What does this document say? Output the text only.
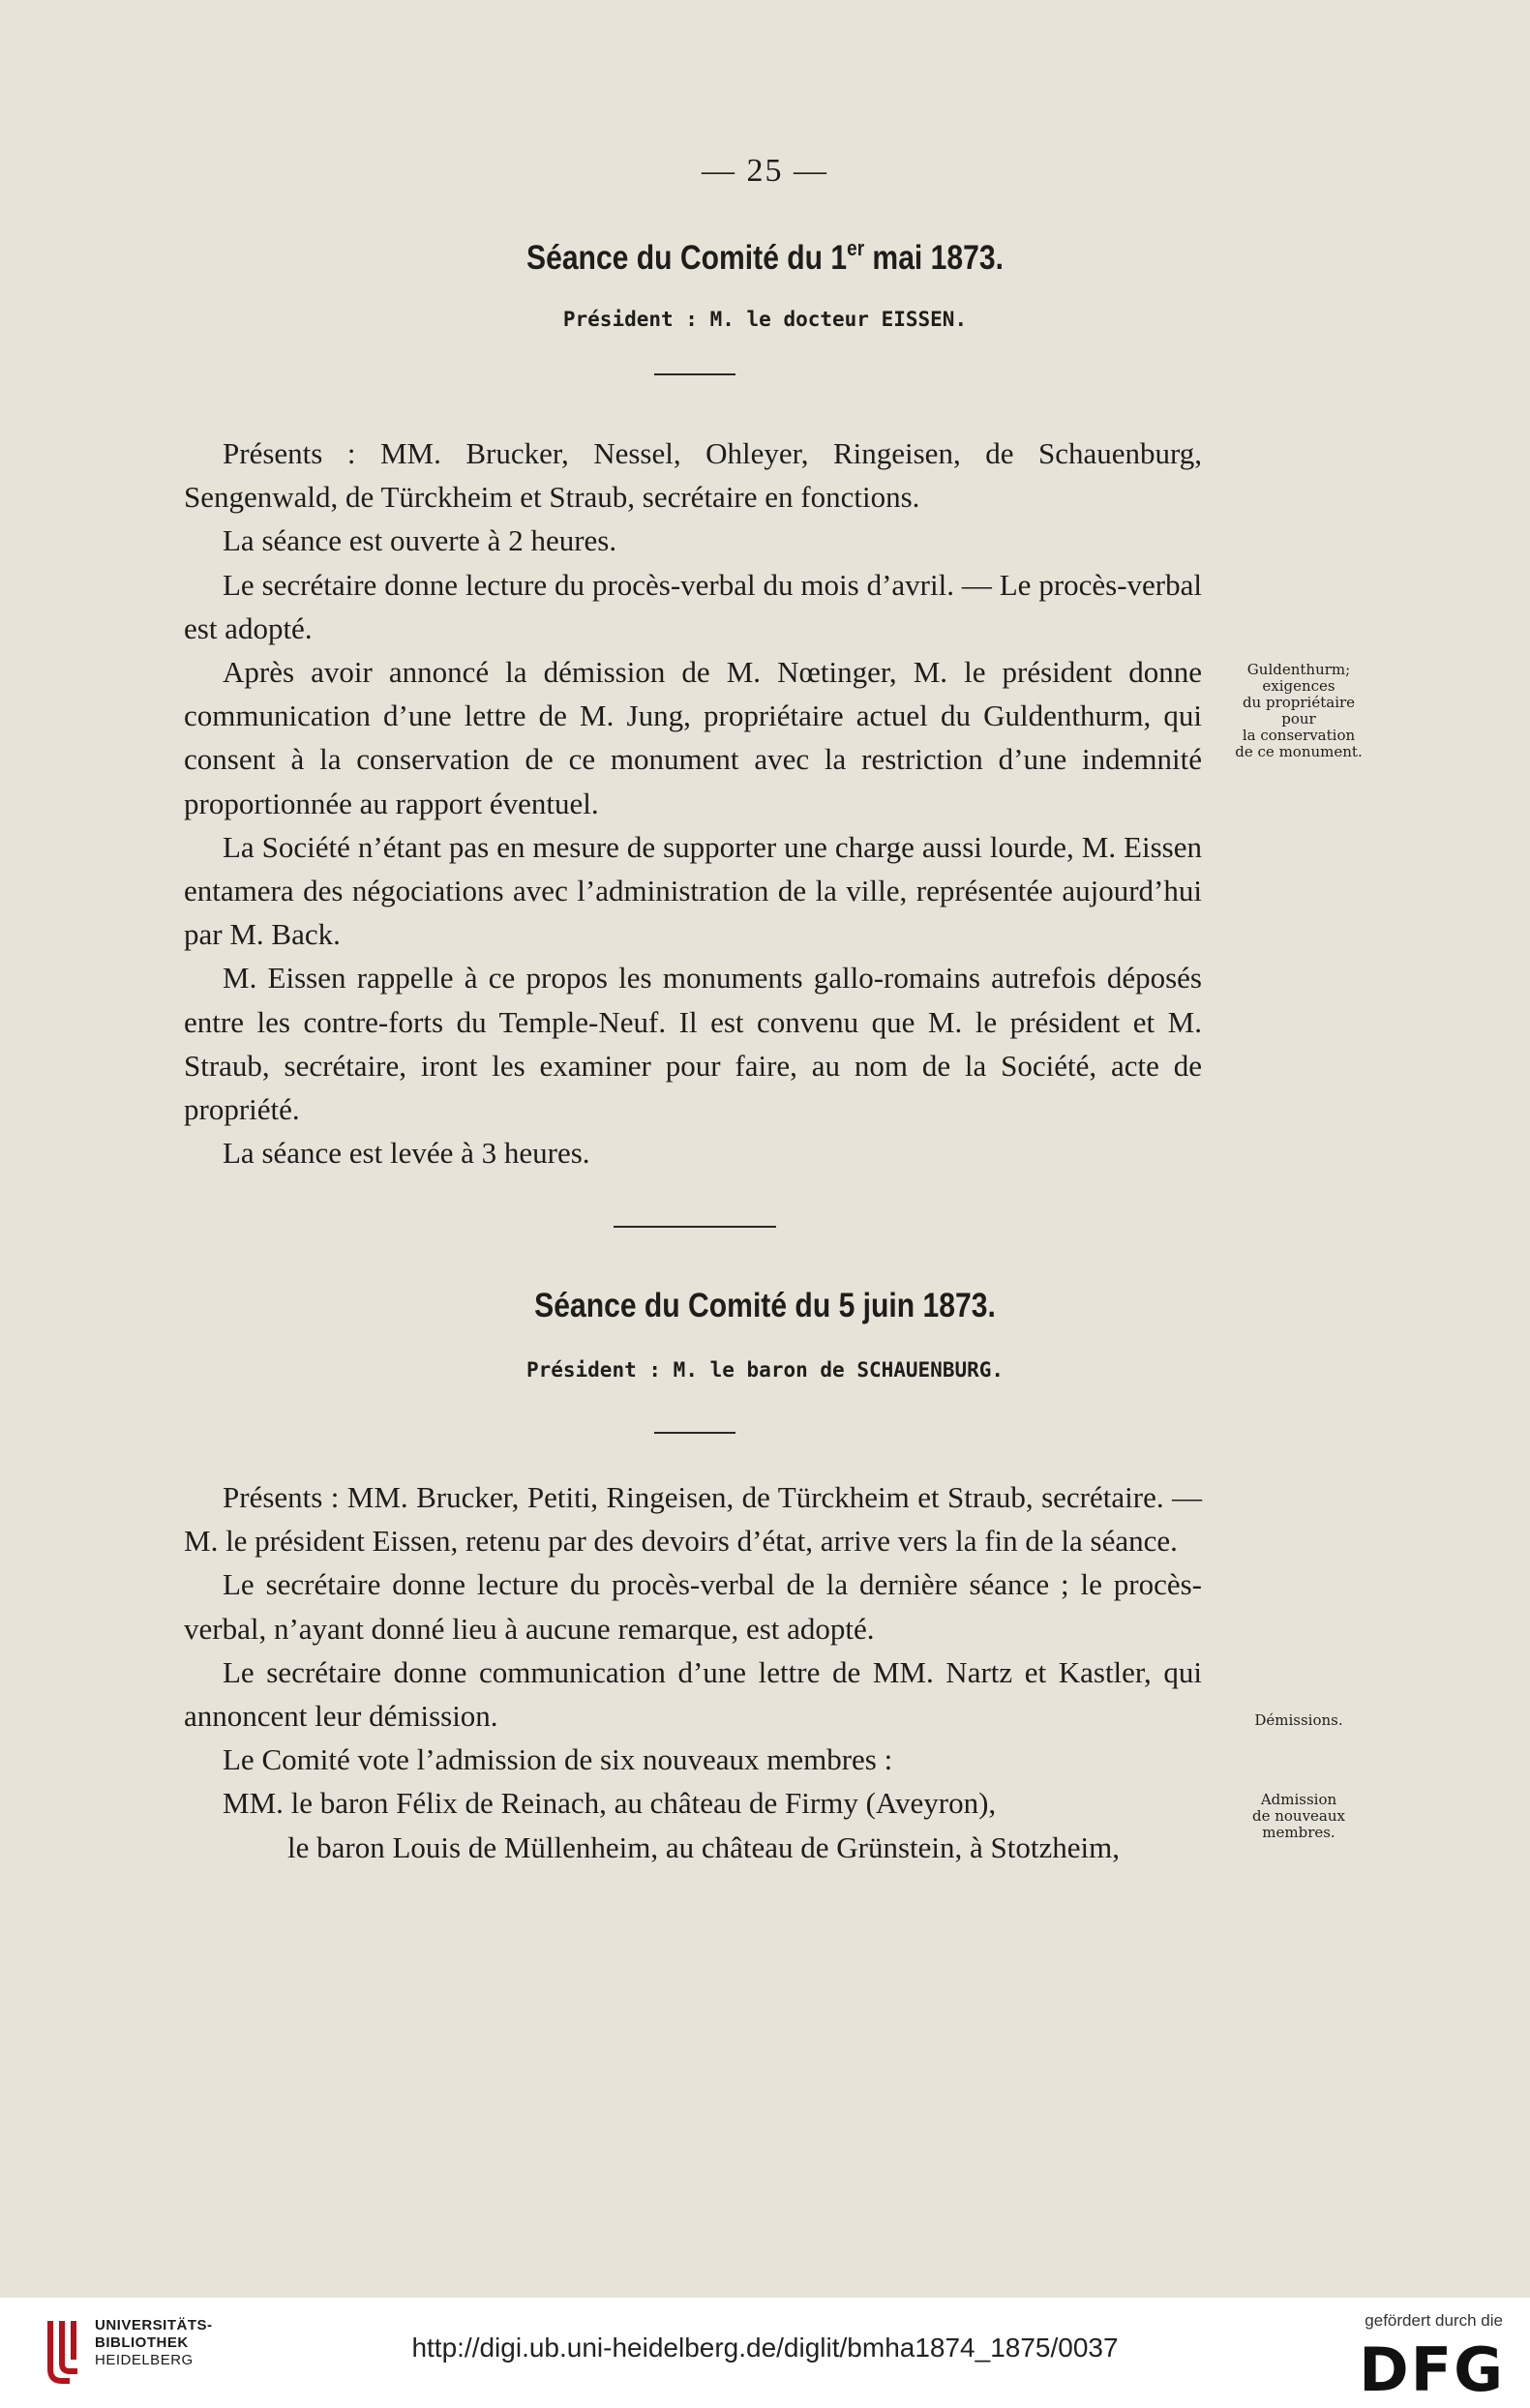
— 25 —
Séance du Comité du 1er mai 1873.
Président : M. le docteur EISSEN.

Présents : MM. Brucker, Nessel, Ohleyer, Ringeisen, de Schauenburg, Sengenwald, de Türckheim et Straub, secrétaire en fonctions.

La séance est ouverte à 2 heures.

Le secrétaire donne lecture du procès-verbal du mois d’avril. — Le procès-verbal est adopté.

Après avoir annoncé la démission de M. Nœtinger, M. le président donne communication d’une lettre de M. Jung, propriétaire actuel du Guldenthurm, qui consent à la conservation de ce monument avec la restriction d’une indemnité proportionnée au rapport éventuel.

La Société n’étant pas en mesure de supporter une charge aussi lourde, M. Eissen entamera des négociations avec l’administration de la ville, représentée aujourd’hui par M. Back.

M. Eissen rappelle à ce propos les monuments gallo-romains autrefois déposés entre les contre-forts du Temple-Neuf. Il est convenu que M. le président et M. Straub, secrétaire, iront les examiner pour faire, au nom de la Société, acte de propriété.

La séance est levée à 3 heures.

Guldenthurm;
exigences
du propriétaire
pour
la conservation
de ce monument.
Séance du Comité du 5 juin 1873.
Président : M. le baron de SCHAUENBURG.

Présents : MM. Brucker, Petiti, Ringeisen, de Türckheim et Straub, secrétaire. — M. le président Eissen, retenu par des devoirs d’état, arrive vers la fin de la séance.

Le secrétaire donne lecture du procès-verbal de la dernière séance ; le procès-verbal, n’ayant donné lieu à aucune remarque, est adopté.

Le secrétaire donne communication d’une lettre de MM. Nartz et Kastler, qui annoncent leur démission.

Le Comité vote l’admission de six nouveaux membres :

MM. le baron Félix de Reinach, au château de Firmy (Aveyron),

le baron Louis de Müllenheim, au château de Grünstein, à Stotzheim,

Démissions.
Admission
de nouveaux
membres.
UNIVERSITÄTS-
BIBLIOTHEK
HEIDELBERG	http://digi.ub.uni-heidelberg.de/diglit/bmha1874_1875/0037
gefördert durch die
DFG
